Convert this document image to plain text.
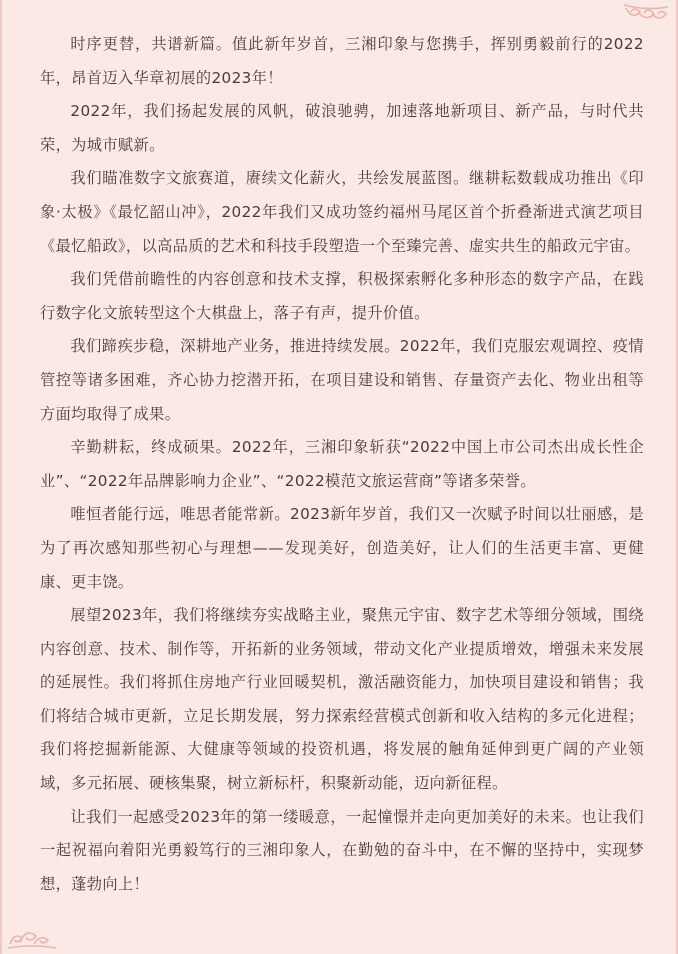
时序更替，共谱新篇。值此新年岁首，三湘印象与您携手，挥别勇毅前行的2022年，昂首迈入华章初展的2023年！

2022年，我们扬起发展的风帆，破浪驰骋，加速落地新项目、新产品，与时代共荣，为城市赋新。

我们瞄准数字文旅赛道，赓续文化薪火，共绘发展蓝图。继耕耘数载成功推出《印象·太极》《最忆韶山冲》，2022年我们又成功签约福州马尾区首个折叠渐进式演艺项目《最忆船政》，以高品质的艺术和科技手段塑造一个至臻完善、虚实共生的船政元宇宙。

我们凭借前瞻性的内容创意和技术支撑，积极探索孵化多种形态的数字产品，在践行数字化文旅转型这个大棋盘上，落子有声，提升价值。

我们蹄疾步稳，深耕地产业务，推进持续发展。2022年，我们克服宏观调控、疫情管控等诸多困难，齐心协力挖潜开拓，在项目建设和销售、存量资产去化、物业出租等方面均取得了成果。

辛勤耕耘，终成硕果。2022年，三湘印象斩获“2022中国上市公司杰出成长性企业”、“2022年品牌影响力企业”、“2022模范文旅运营商”等诸多荣誉。

唯恒者能行远，唯思者能常新。2023新年岁首，我们又一次赋予时间以壮丽感，是为了再次感知那些初心与理想——发现美好，创造美好，让人们的生活更丰富、更健康、更丰饶。

展望2023年，我们将继续夯实战略主业，聚焦元宇宙、数字艺术等细分领域，围绕内容创意、技术、制作等，开拓新的业务领域，带动文化产业提质增效，增强未来发展的延展性。我们将抓住房地产行业回暖契机，激活融资能力，加快项目建设和销售；我们将结合城市更新，立足长期发展，努力探索经营模式创新和收入结构的多元化进程；我们将挖掘新能源、大健康等领域的投资机遇，将发展的触角延伸到更广阔的产业领域，多元拓展、硬核集聚，树立新标杆，积聚新动能，迈向新征程。

让我们一起感受2023年的第一缕暖意，一起憧憬并走向更加美好的未来。也让我们一起祝福向着阳光勇毅笃行的三湘印象人，在勤勉的奋斗中，在不懈的坚持中，实现梦想，蓬勃向上！
